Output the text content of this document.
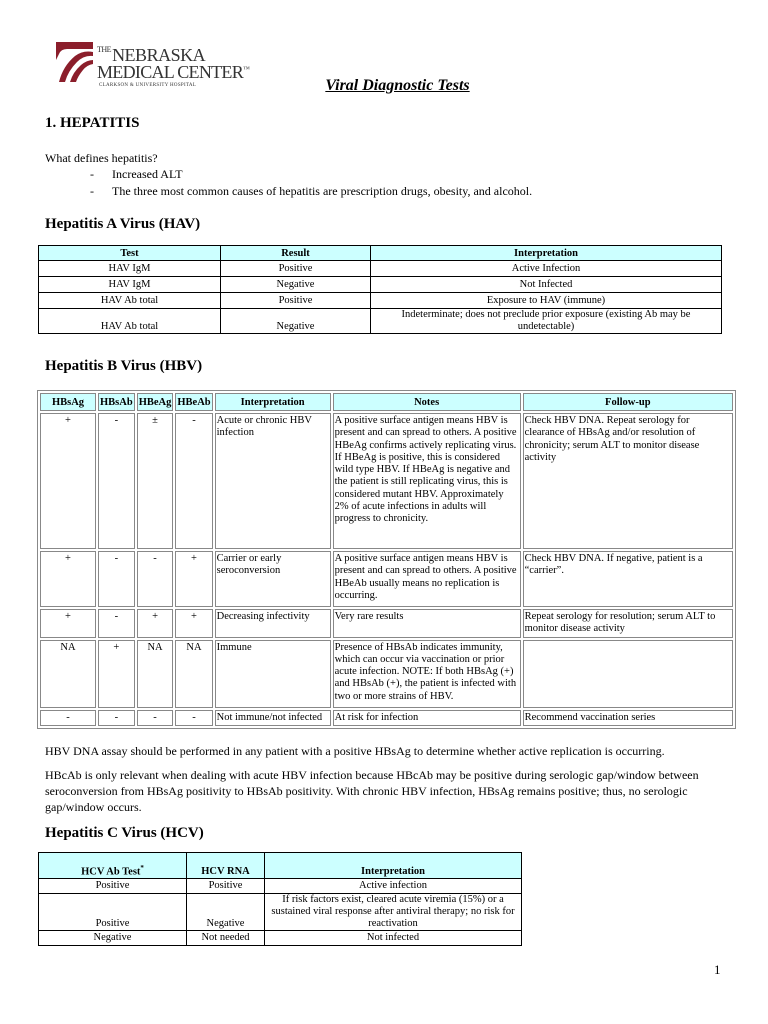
$^{THE}$NEBRASKA
MEDICAL CENTER™
CLARKSON & UNIVERSITY HOSPITAL	Viral Diagnostic Tests
1. HEPATITIS
What defines hepatitis?
- Increased ALT
- The three most common causes of hepatitis are prescription drugs, obesity, and alcohol.
Hepatitis A Virus (HAV)
Test	Result	Interpretation
HAV IgM	Positive	Active Infection
HAV IgM	Negative	Not Infected
HAV Ab total	Positive	Exposure to HAV (immune)
HAV Ab total	Negative	Indeterminate; does not preclude prior exposure (existing Ab may be undetectable)
Hepatitis B Virus (HBV)
HBsAg	HBsAb	HBeAg	HBeAb	Interpretation	Notes	Follow-up
+	-	±	-	Acute or chronic HBV infection	A positive surface antigen means HBV is present and can spread to others. A positive HBeAg confirms actively replicating virus. If HBeAg is positive, this is considered wild type HBV. If HBeAg is negative and the patient is still replicating virus, this is considered mutant HBV. Approximately 2% of acute infections in adults will progress to chronicity.	Check HBV DNA. Repeat serology for clearance of HBsAg and/or resolution of chronicity; serum ALT to monitor disease activity
+	-	-	+	Carrier or early seroconversion	A positive surface antigen means HBV is present and can spread to others. A positive HBeAb usually means no replication is occurring.	Check HBV DNA. If negative, patient is a “carrier”.
+	-	+	+	Decreasing infectivity	Very rare results	Repeat serology for resolution; serum ALT to monitor disease activity
NA	+	NA	NA	Immune	Presence of HBsAb indicates immunity, which can occur via vaccination or prior acute infection. NOTE: If both HBsAg (+) and HBsAb (+), the patient is infected with two or more strains of HBV.	
-	-	-	-	Not immune/not infected	At risk for infection	Recommend vaccination series
HBV DNA assay should be performed in any patient with a positive HBsAg to determine whether active replication is occurring.
HBcAb is only relevant when dealing with acute HBV infection because HBcAb may be positive during serologic gap/window between seroconversion from HBsAg positivity to HBsAb positivity. With chronic HBV infection, HBsAg remains positive; thus, no serologic gap/window occurs.
Hepatitis C Virus (HCV)
HCV Ab Test*	HCV RNA	Interpretation
Positive	Positive	Active infection
Positive	Negative	If risk factors exist, cleared acute viremia (15%) or a sustained viral response after antiviral therapy; no risk for reactivation
Negative	Not needed	Not infected
1
